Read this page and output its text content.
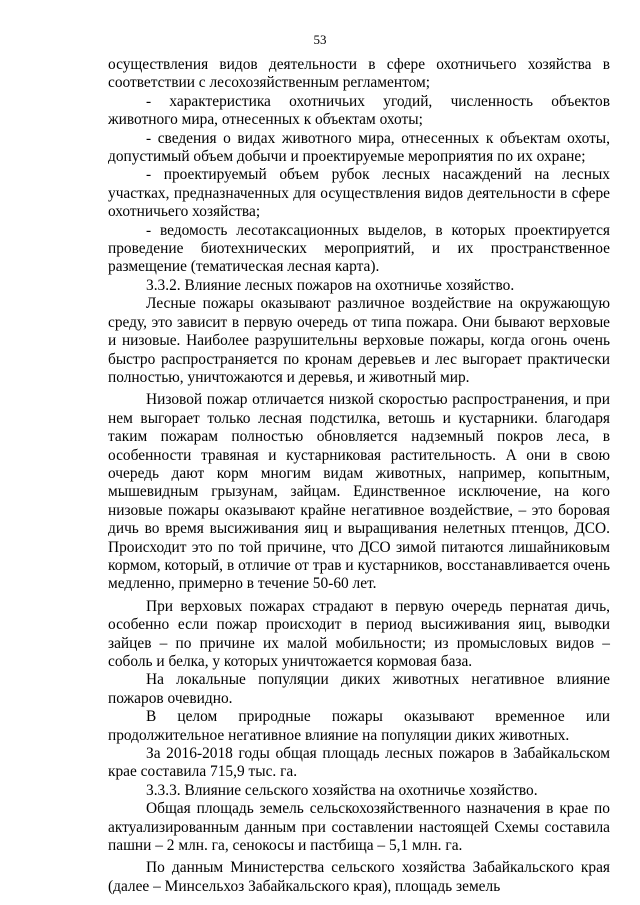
53

осуществления видов деятельности в сфере охотничьего хозяйства в соответствии с лесохозяйственным регламентом;

- характеристика охотничьих угодий, численность объектов животного мира, отнесенных к объектам охоты;

- сведения о видах животного мира, отнесенных к объектам охоты, допустимый объем добычи и проектируемые мероприятия по их охране;

- проектируемый объем рубок лесных насаждений на лесных участках, предназначенных для осуществления видов деятельности в сфере охотничьего хозяйства;

- ведомость лесотаксационных выделов, в которых проектируется проведение биотехнических мероприятий, и их пространственное размещение (тематическая лесная карта).

3.3.2. Влияние лесных пожаров на охотничье хозяйство.

Лесные пожары оказывают различное воздействие на окружающую среду, это зависит в первую очередь от типа пожара. Они бывают верховые и низовые. Наиболее разрушительны верховые пожары, когда огонь очень быстро распространяется по кронам деревьев и лес выгорает практически полностью, уничтожаются и деревья, и животный мир.

Низовой пожар отличается низкой скоростью распространения, и при нем выгорает только лесная подстилка, ветошь и кустарники. благодаря таким пожарам полностью обновляется надземный покров леса, в особенности травяная и кустарниковая растительность. А они в свою очередь дают корм многим видам животных, например, копытным, мышевидным грызунам, зайцам. Единственное исключение, на кого низовые пожары оказывают крайне негативное воздействие, – это боровая дичь во время высиживания яиц и выращивания нелетных птенцов, ДСО. Происходит это по той причине, что ДСО зимой питаются лишайниковым кормом, который, в отличие от трав и кустарников, восстанавливается очень медленно, примерно в течение 50-60 лет.

При верховых пожарах страдают в первую очередь пернатая дичь, особенно если пожар происходит в период высиживания яиц, выводки зайцев – по причине их малой мобильности; из промысловых видов – соболь и белка, у которых уничтожается кормовая база.

На локальные популяции диких животных негативное влияние пожаров очевидно.

В целом природные пожары оказывают временное или продолжительное негативное влияние на популяции диких животных.

За 2016-2018 годы общая площадь лесных пожаров в Забайкальском крае составила 715,9 тыс. га.

3.3.3. Влияние сельского хозяйства на охотничье хозяйство.

Общая площадь земель сельскохозяйственного назначения в крае по актуализированным данным при составлении настоящей Схемы составила пашни – 2 млн. га, сенокосы и пастбища – 5,1 млн. га.

По данным Министерства сельского хозяйства Забайкальского края (далее – Минсельхоз Забайкальского края), площадь земель
